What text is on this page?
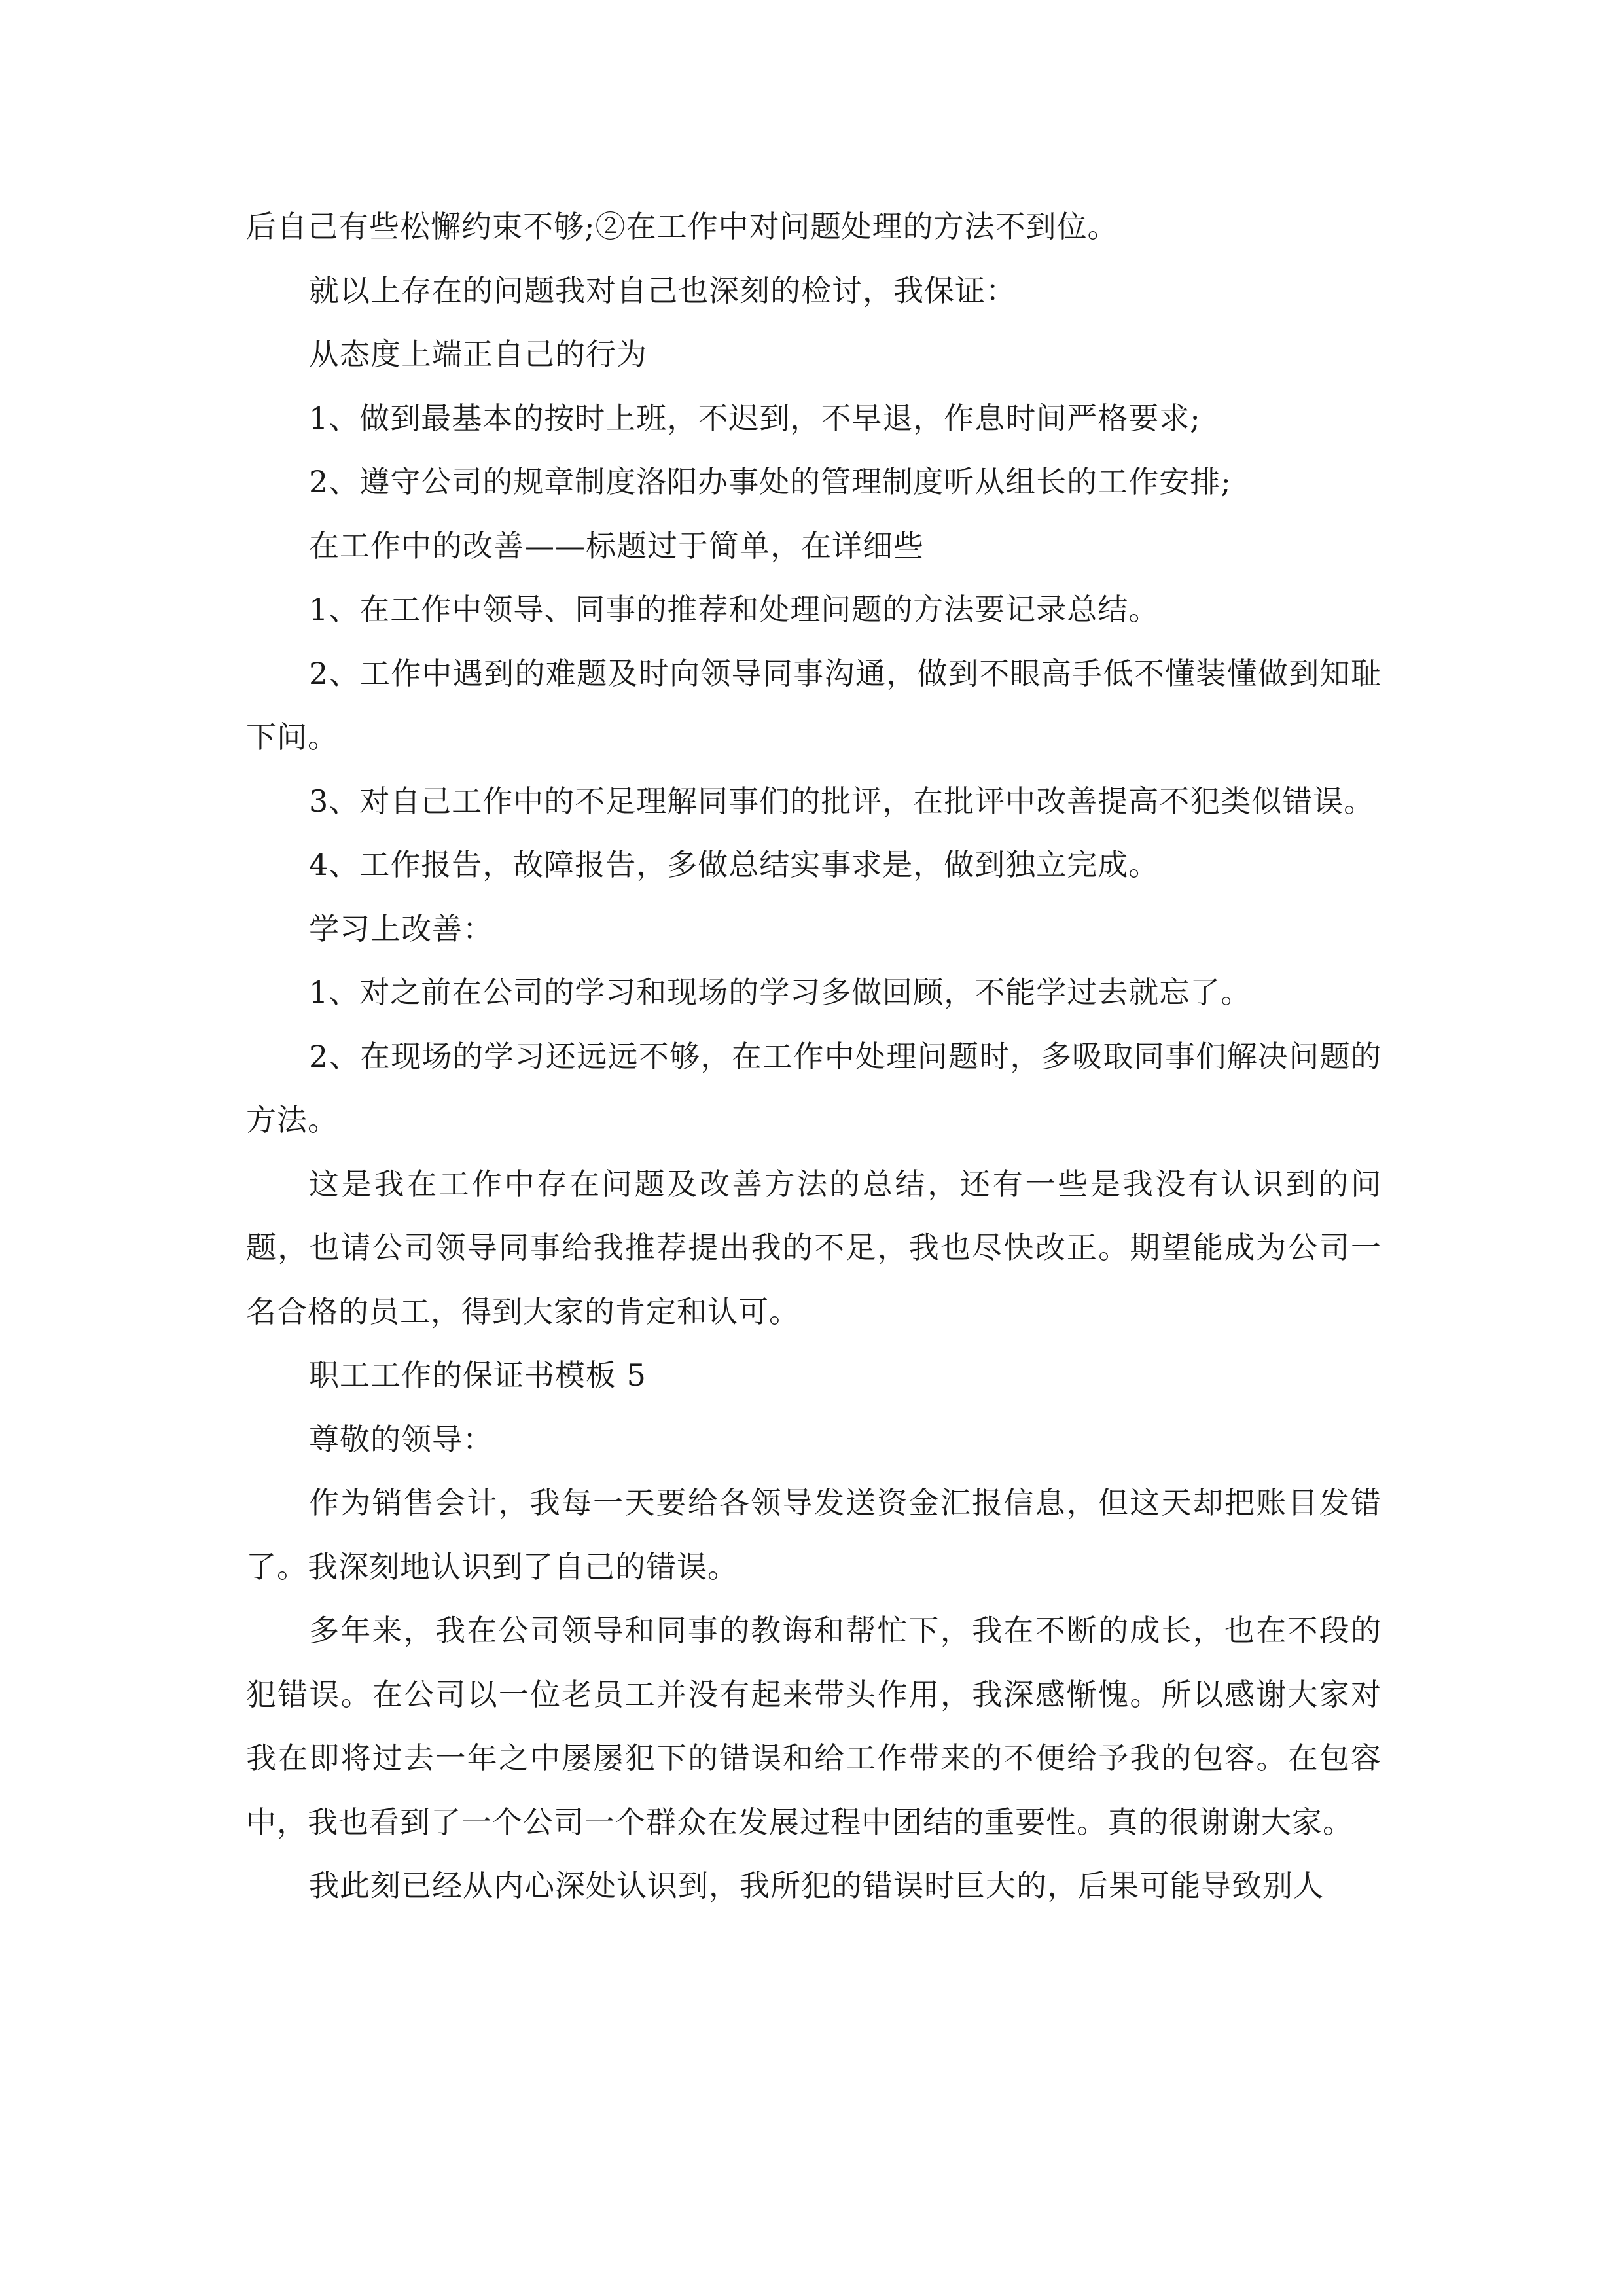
后自己有些松懈约束不够;②在工作中对问题处理的方法不到位。

就以上存在的问题我对自己也深刻的检讨，我保证：

从态度上端正自己的行为

1、做到最基本的按时上班，不迟到，不早退，作息时间严格要求;

2、遵守公司的规章制度洛阳办事处的管理制度听从组长的工作安排;

在工作中的改善——标题过于简单，在详细些

1、在工作中领导、同事的推荐和处理问题的方法要记录总结。

2、工作中遇到的难题及时向领导同事沟通，做到不眼高手低不懂装懂做到知耻下问。

3、对自己工作中的不足理解同事们的批评，在批评中改善提高不犯类似错误。

4、工作报告，故障报告，多做总结实事求是，做到独立完成。

学习上改善：

1、对之前在公司的学习和现场的学习多做回顾，不能学过去就忘了。

2、在现场的学习还远远不够，在工作中处理问题时，多吸取同事们解决问题的方法。

这是我在工作中存在问题及改善方法的总结，还有一些是我没有认识到的问题，也请公司领导同事给我推荐提出我的不足，我也尽快改正。期望能成为公司一名合格的员工，得到大家的肯定和认可。

职工工作的保证书模板 5

尊敬的领导：

作为销售会计，我每一天要给各领导发送资金汇报信息，但这天却把账目发错了。我深刻地认识到了自己的错误。

多年来，我在公司领导和同事的教诲和帮忙下，我在不断的成长，也在不段的犯错误。在公司以一位老员工并没有起来带头作用，我深感惭愧。所以感谢大家对我在即将过去一年之中屡屡犯下的错误和给工作带来的不便给予我的包容。在包容中，我也看到了一个公司一个群众在发展过程中团结的重要性。真的很谢谢大家。

我此刻已经从内心深处认识到，我所犯的错误时巨大的，后果可能导致别人
